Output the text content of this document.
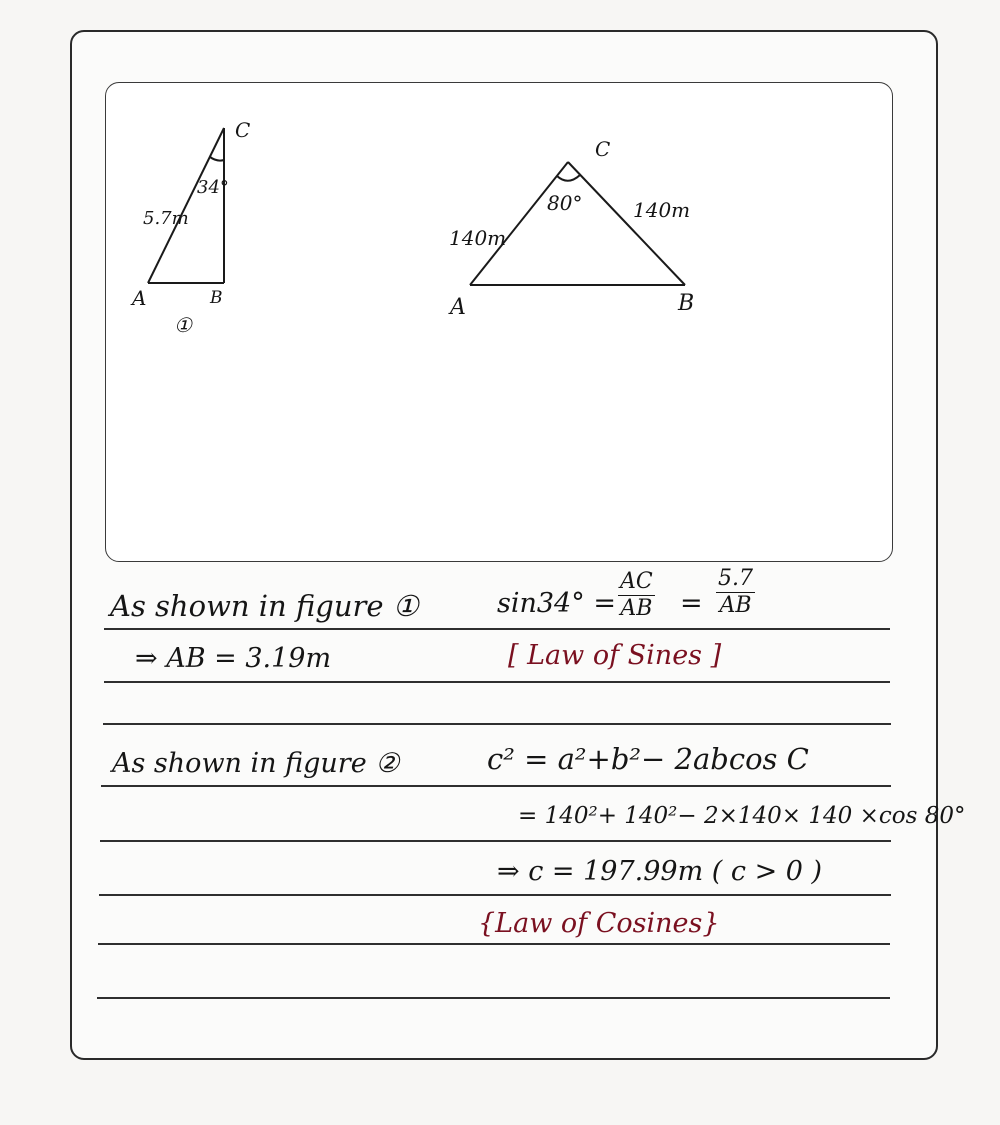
C
34°
5.7m
A	B
①
C
80°	140m
140m
A	B
As shown in figure ①	$\sin 34^\circ = \frac{AC}{AB} = \frac{5.7}{AB}$
⇒ AB = 3.19m	[ Law of Sines ]
As shown in figure ②	c² = a²+b²− 2abcos C
= 140²+ 140²− 2×140× 140 ×cos 80°
⇒ c = 197.99m ( c > 0 )
{Law of Cosines}
